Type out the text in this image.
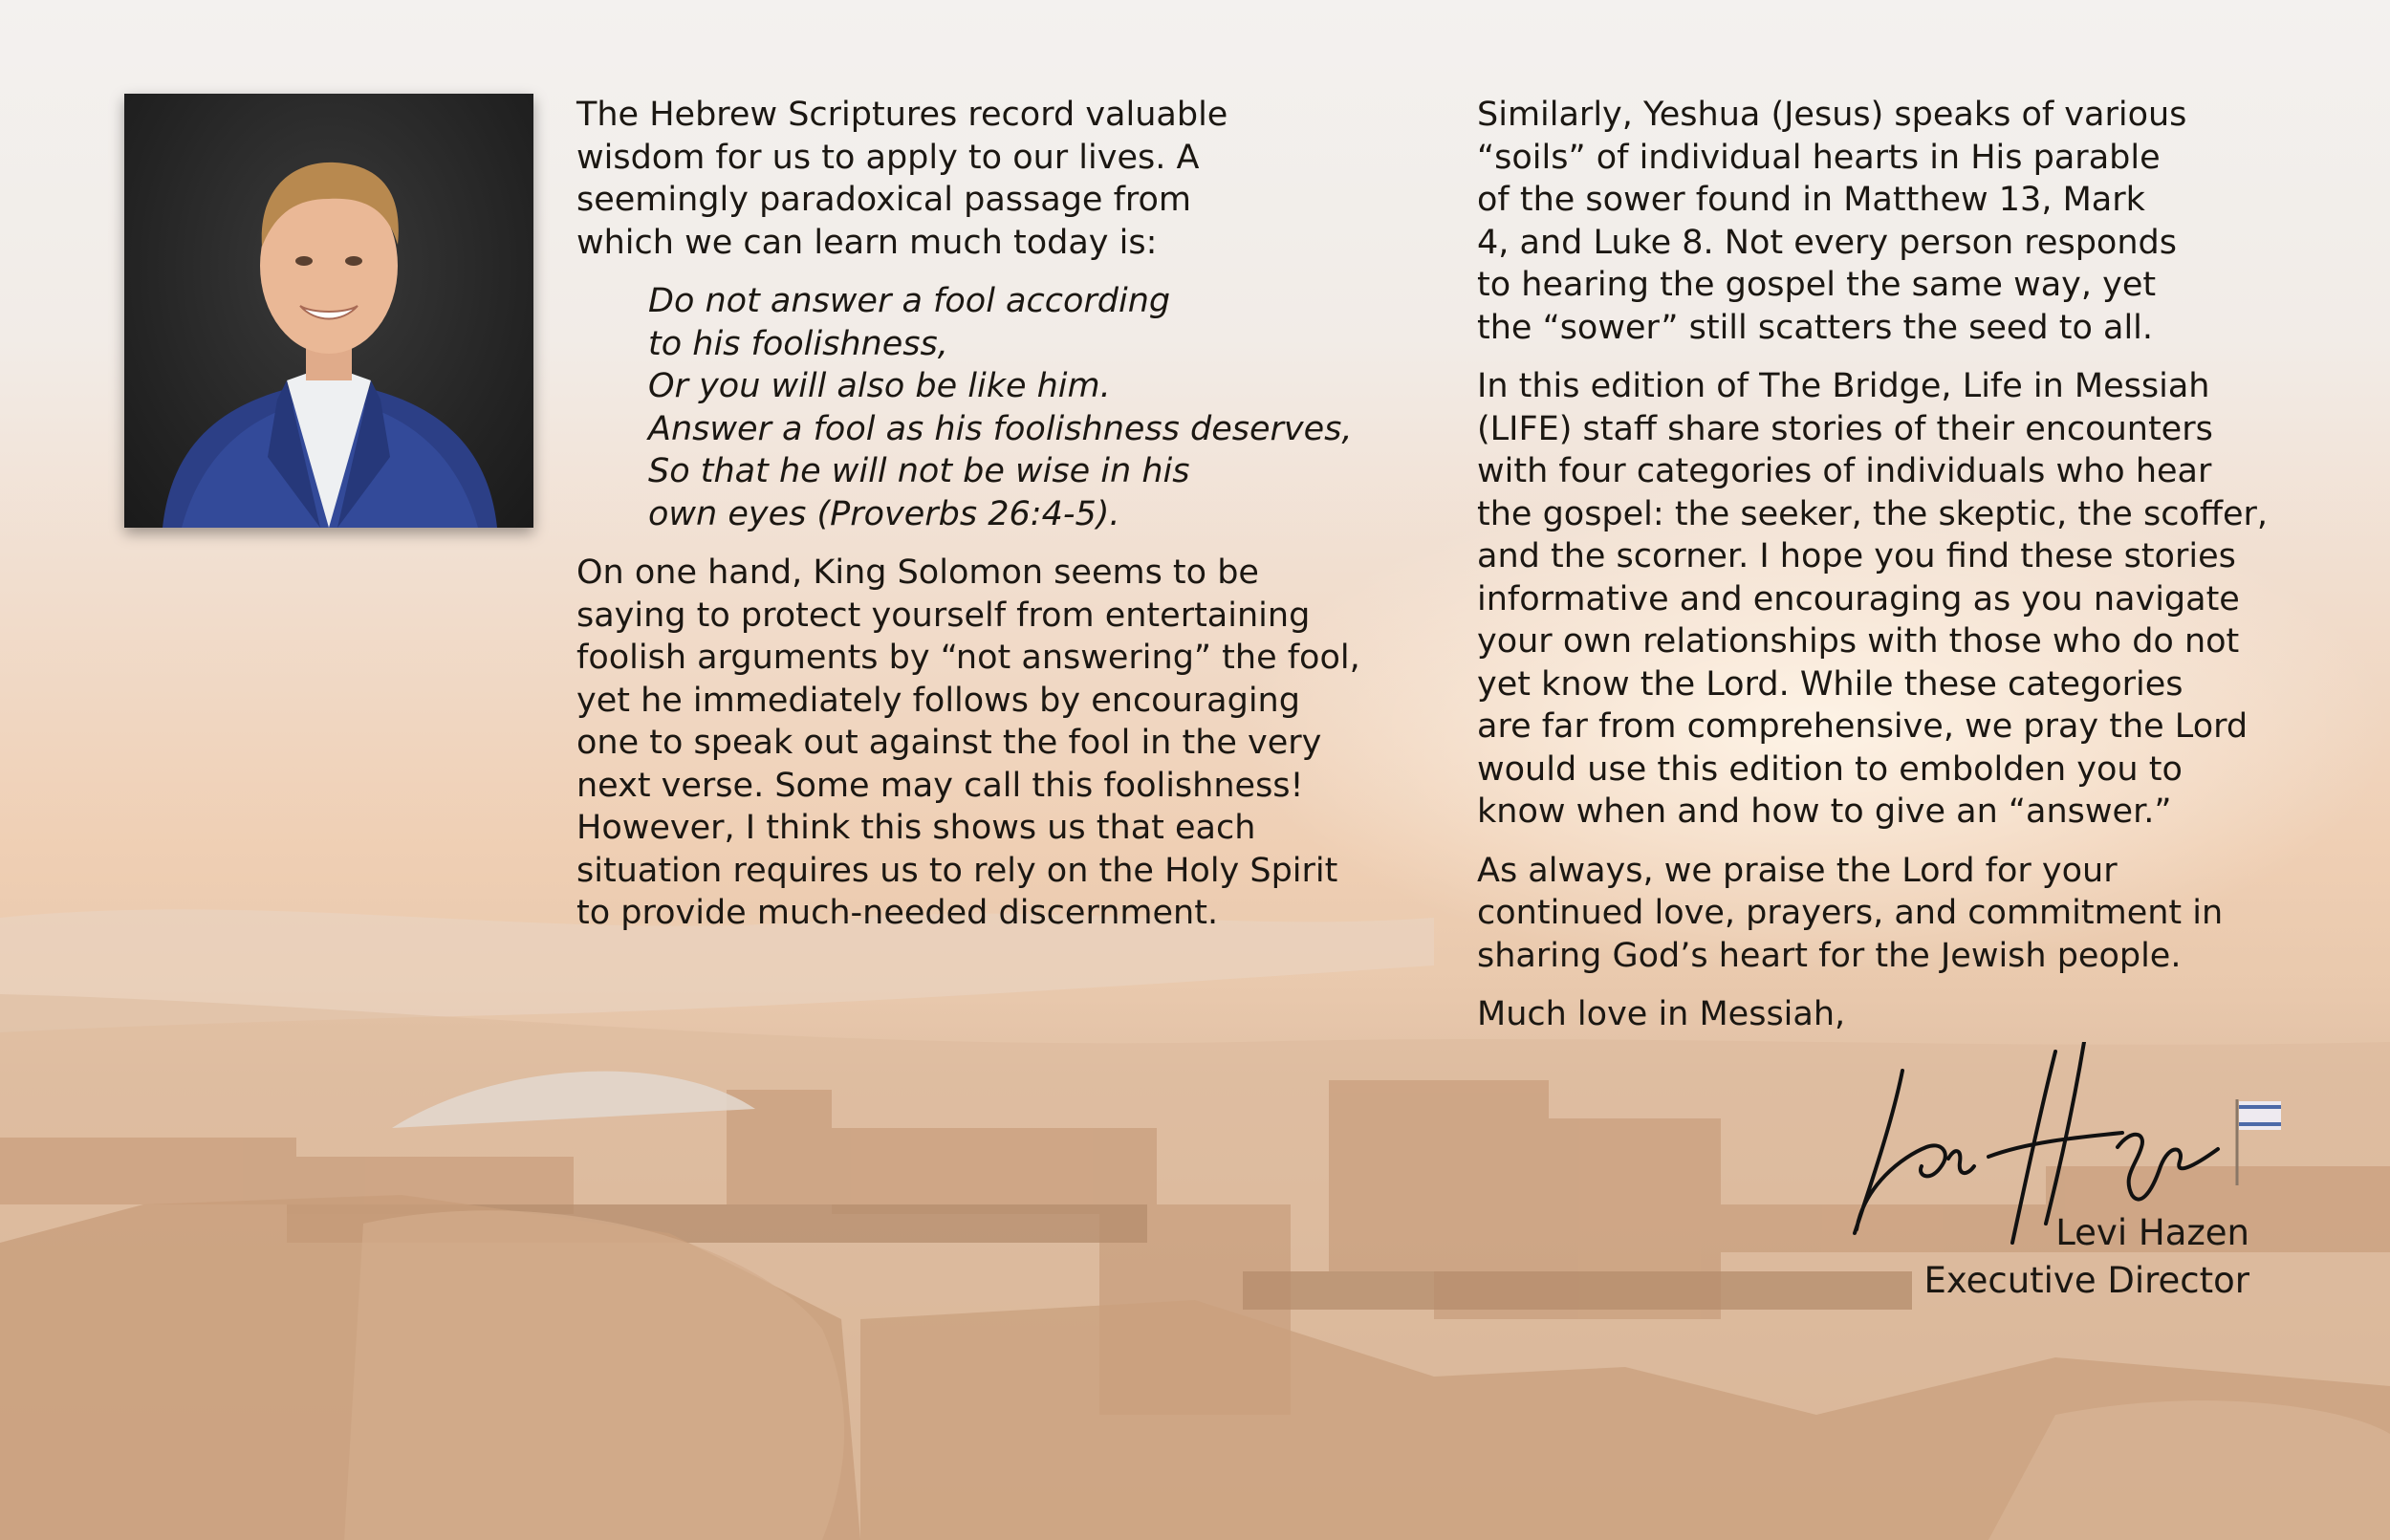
The Hebrew Scriptures record valuable
wisdom for us to apply to our lives. A
seemingly paradoxical passage from
which we can learn much today is:

Do not answer a fool according
to his foolishness,
Or you will also be like him.
Answer a fool as his foolishness deserves,
So that he will not be wise in his
own eyes (Proverbs 26:4-5).

On one hand, King Solomon seems to be
saying to protect yourself from entertaining
foolish arguments by “not answering” the fool,
yet he immediately follows by encouraging
one to speak out against the fool in the very
next verse. Some may call this foolishness!
However, I think this shows us that each
situation requires us to rely on the Holy Spirit
to provide much-needed discernment.

Similarly, Yeshua (Jesus) speaks of various
“soils” of individual hearts in His parable
of the sower found in Matthew 13, Mark
4, and Luke 8. Not every person responds
to hearing the gospel the same way, yet
the “sower” still scatters the seed to all.

In this edition of The Bridge, Life in Messiah
(LIFE) staff share stories of their encounters
with four categories of individuals who hear
the gospel: the seeker, the skeptic, the scoffer,
and the scorner. I hope you find these stories
informative and encouraging as you navigate
your own relationships with those who do not
yet know the Lord. While these categories
are far from comprehensive, we pray the Lord
would use this edition to embolden you to
know when and how to give an “answer.”

As always, we praise the Lord for your
continued love, prayers, and commitment in
sharing God’s heart for the Jewish people.

Much love in Messiah,

Levi Hazen
Executive Director
